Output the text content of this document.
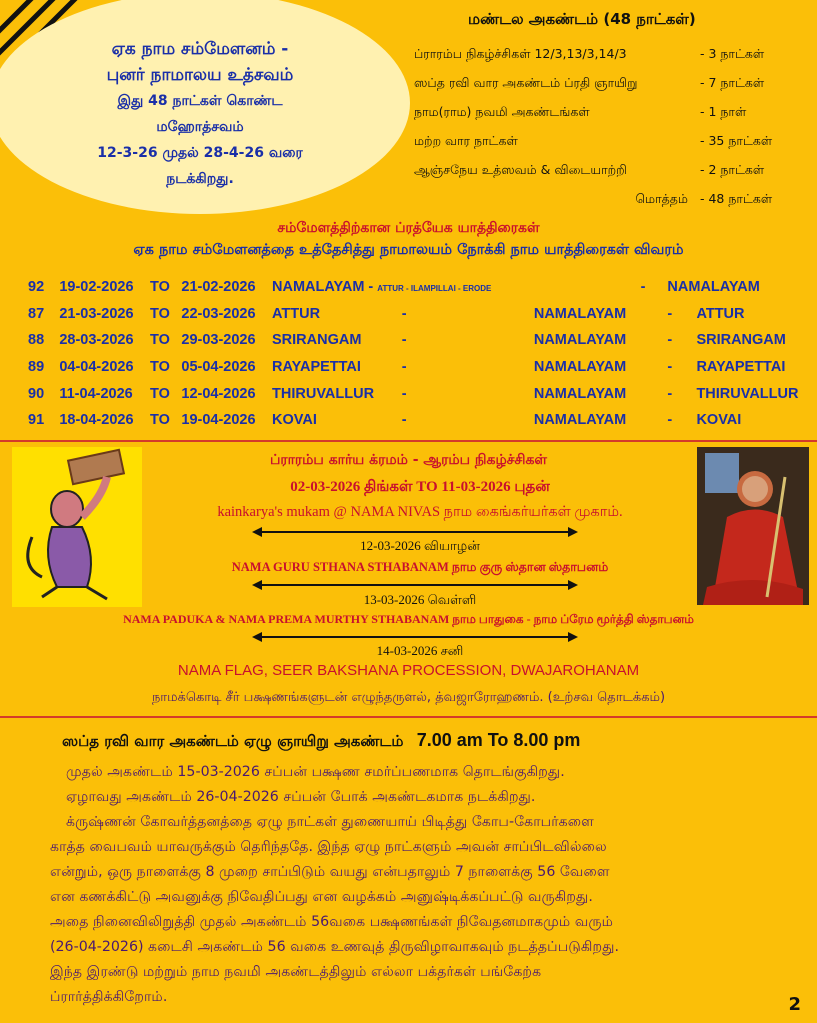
ஏக நாம சம்மேளனம் -
புனர் நாமாலய உத்சவம்
இது 48 நாட்கள் கொண்ட
மஹோத்சவம்
12-3-26 முதல் 28-4-26 வரை
நடக்கிறது.
மண்டல அகண்டம் (48 நாட்கள்)
ப்ராரம்ப நிகழ்ச்சிகள் 12/3,13/3,14/3	- 3 நாட்கள்
ஸப்த ரவி வார அகண்டம் ப்ரதி ஞாயிறு	- 7 நாட்கள்
நாம(ராம) நவமி அகண்டங்கள்	- 1 நாள்
மற்ற வார நாட்கள்	- 35 நாட்கள்
ஆஞ்சநேய உத்ஸவம் & விடையாற்றி	- 2 நாட்கள்
மொத்தம் - 48 நாட்கள்
சம்மேளத்திற்கான ப்ரத்யேக யாத்திரைகள்
ஏக நாம சம்மேளனத்தை உத்தேசித்து நாமாலயம் நோக்கி நாம யாத்திரைகள் விவரம்
92	19-02-2026	TO	21-02-2026	NAMALAYAM - ATTUR - ILAMPILLAI - ERODE		-	NAMALAYAM
87	21-03-2026	TO	22-03-2026	ATTUR	-	NAMALAYAM	- ATTUR
88	28-03-2026	TO	29-03-2026	SRIRANGAM	-	NAMALAYAM	- SRIRANGAM
89	04-04-2026	TO	05-04-2026	RAYAPETTAI	-	NAMALAYAM	- RAYAPETTAI
90	11-04-2026	TO	12-04-2026	THIRUVALLUR	-	NAMALAYAM	- THIRUVALLUR
91	18-04-2026	TO	19-04-2026	KOVAI	-	NAMALAYAM	- KOVAI
ப்ராரம்ப கார்ய க்ரமம் - ஆரம்ப நிகழ்ச்சிகள்
02-03-2026 திங்கள் TO 11-03-2026 புதன்
kainkarya's mukam @ NAMA NIVAS நாம கைங்கர்யர்கள் முகாம்.
12-03-2026 வியாழன்
NAMA GURU STHANA STHABANAM நாம குரு ஸ்தான ஸ்தாபனம்
13-03-2026 வெள்ளி
NAMA PADUKA & NAMA PREMA MURTHY STHABANAM நாம பாதுகை - நாம ப்ரேம மூர்த்தி ஸ்தாபனம்
14-03-2026 சனி
NAMA FLAG, SEER BAKSHANA PROCESSION, DWAJAROHANAM
நாமக்கொடி சீர் பக்ஷணங்களுடன் எழுந்தருளல், த்வஜாரோஹணம். (உற்சவ தொடக்கம்)
ஸப்த ரவி வார அகண்டம் ஏழு ஞாயிறு அகண்டம் 7.00 am To 8.00 pm
முதல் அகண்டம் 15-03-2026 சப்பன் பக்ஷண சமர்ப்பணமாக தொடங்குகிறது.
ஏழாவது அகண்டம் 26-04-2026 சப்பன் போக் அகண்டகமாக நடக்கிறது.
க்ருஷ்ணன் கோவர்த்தனத்தை ஏழு நாட்கள் துணையாய் பிடித்து கோப-கோபர்களை
காத்த வைபவம் யாவருக்கும் தெரிந்ததே. இந்த ஏழு நாட்களும் அவன் சாப்பிடவில்லை
என்றும், ஒரு நாளைக்கு 8 முறை சாப்பிடும் வயது என்பதாலும் 7 நாளைக்கு 56 வேளை
என கணக்கிட்டு அவனுக்கு நிவேதிப்பது என வழக்கம் அனுஷ்டிக்கப்பட்டு வருகிறது.
அதை நினைவிலிறுத்தி முதல் அகண்டம் 56வகை பக்ஷணங்கள் நிவேதனமாகமும் வரும்
(26-04-2026) கடைசி அகண்டம் 56 வகை உணவுத் திருவிழாவாகவும் நடத்தப்படுகிறது.
இந்த இரண்டு மற்றும் நாம நவமி அகண்டத்திலும் எல்லா பக்தர்கள் பங்கேற்க
ப்ரார்த்திக்கிறோம்.	2
